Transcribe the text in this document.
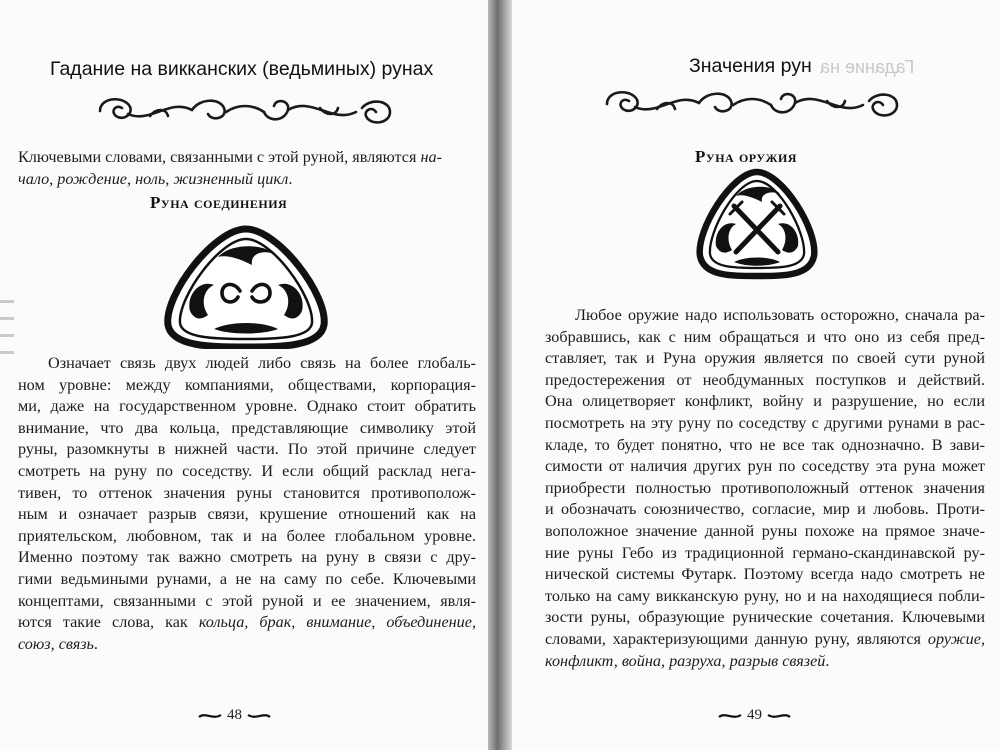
Гадание на викканских (ведьминых) рунах

Ключевыми словами, связанными с этой руной, являются на-
чало, рождение, ноль, жизненный цикл.

Руна соединения
Означает связь двух людей либо связь на более глобаль-
ном уровне: между компаниями, обществами, корпорация-
ми, даже на государственном уровне. Однако стоит обратить
внимание, что два кольца, представляющие символику этой
руны, разомкнуты в нижней части. По этой причине следует
смотреть на руну по соседству. И если общий расклад нега-
тивен, то оттенок значения руны становится противополож-
ным и означает разрыв связи, крушение отношений как на
приятельском, любовном, так и на более глобальном уровне.
Именно поэтому так важно смотреть на руну в связи с дру-
гими ведьмиными рунами, а не на саму по себе. Ключевыми
концептами, связанными с этой руной и ее значением, явля-
ются такие слова, как кольца, брак, внимание, объединение,
союз, связь.
48
Значения рун Гадание на
Руна оружия
Любое оружие надо использовать осторожно, сначала ра-
зобравшись, как с ним обращаться и что оно из себя пред-
ставляет, так и Руна оружия является по своей сути руной
предостережения от необдуманных поступков и действий.
Она олицетворяет конфликт, войну и разрушение, но если
посмотреть на эту руну по соседству с другими рунами в рас-
кладе, то будет понятно, что не все так однозначно. В зави-
симости от наличия других рун по соседству эта руна может
приобрести полностью противоположный оттенок значения
и обозначать союзничество, согласие, мир и любовь. Проти-
воположное значение данной руны похоже на прямое значе-
ние руны Гебо из традиционной германо-скандинавской ру-
нической системы Футарк. Поэтому всегда надо смотреть не
только на саму викканскую руну, но и на находящиеся побли-
зости руны, образующие рунические сочетания. Ключевыми
словами, характеризующими данную руну, являются оружие,
конфликт, война, разруха, разрыв связей.
49
